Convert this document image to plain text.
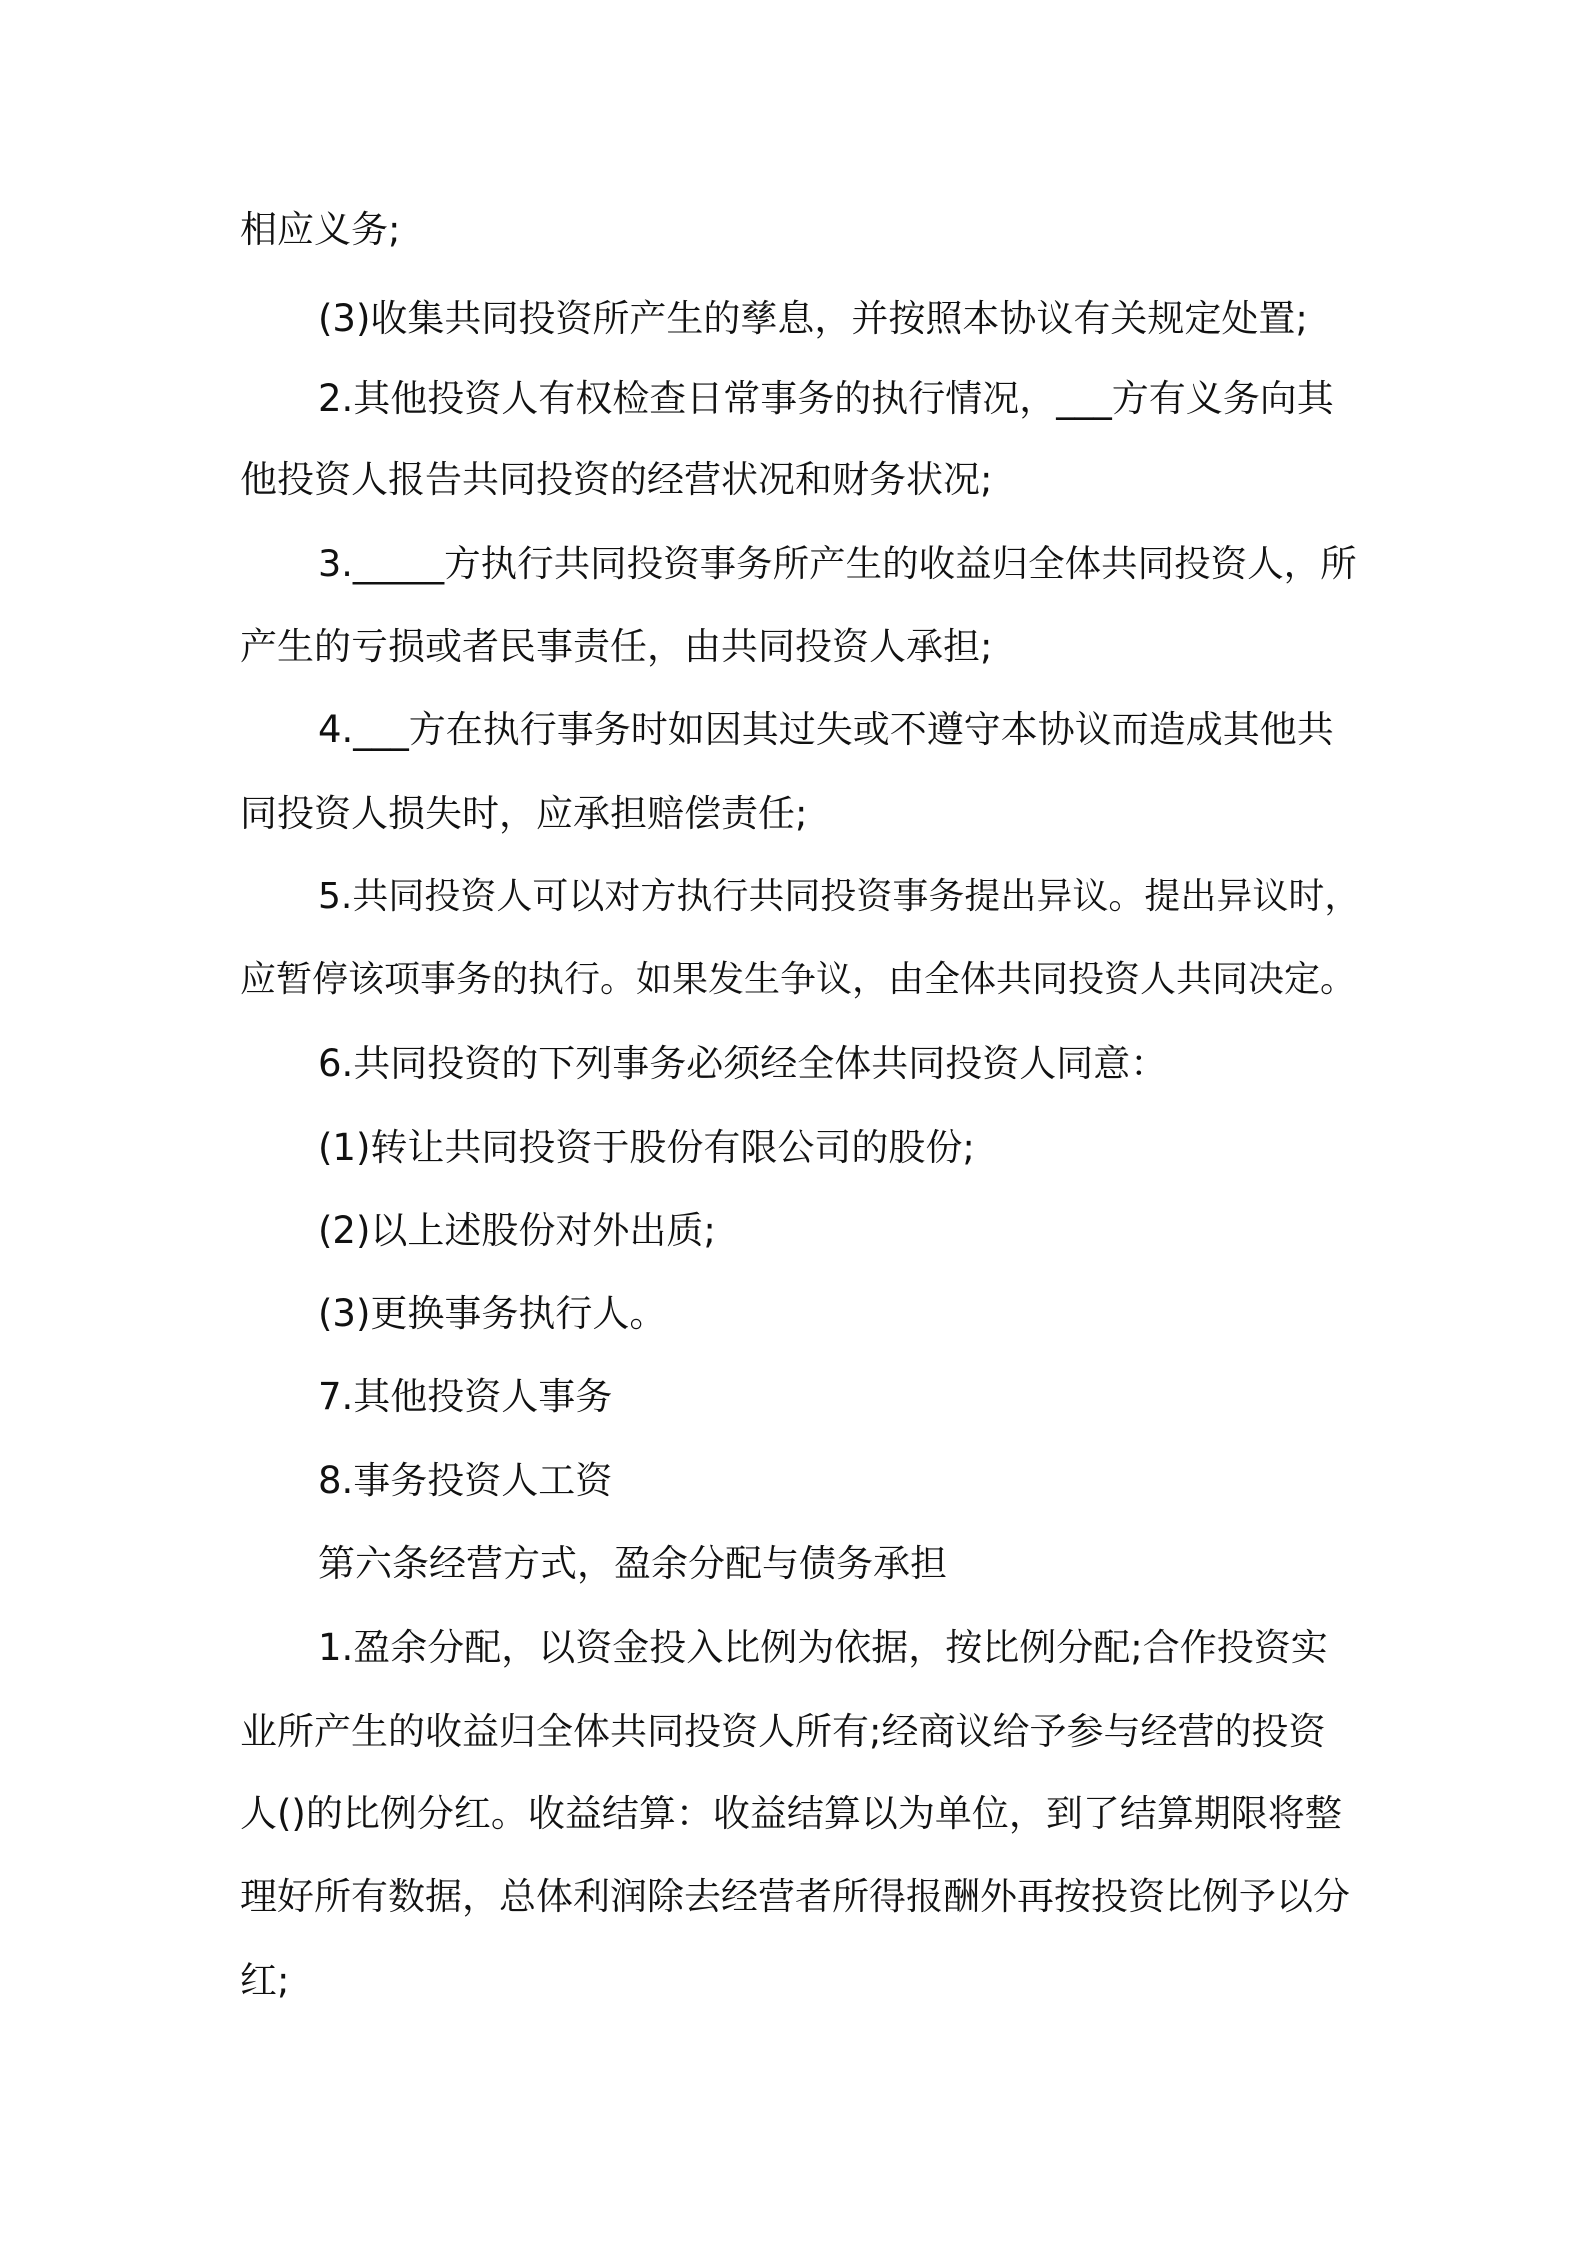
相应义务;
(3)收集共同投资所产生的孳息，并按照本协议有关规定处置;
2.其他投资人有权检查日常事务的执行情况，___方有义务向其
他投资人报告共同投资的经营状况和财务状况;
3._____方执行共同投资事务所产生的收益归全体共同投资人，所
产生的亏损或者民事责任，由共同投资人承担;
4.___方在执行事务时如因其过失或不遵守本协议而造成其他共
同投资人损失时，应承担赔偿责任;
5.共同投资人可以对方执行共同投资事务提出异议。提出异议时，
应暂停该项事务的执行。如果发生争议，由全体共同投资人共同决定。
6.共同投资的下列事务必须经全体共同投资人同意：
(1)转让共同投资于股份有限公司的股份;
(2)以上述股份对外出质;
(3)更换事务执行人。
7.其他投资人事务
8.事务投资人工资
第六条经营方式，盈余分配与债务承担
1.盈余分配，以资金投入比例为依据，按比例分配;合作投资实
业所产生的收益归全体共同投资人所有;经商议给予参与经营的投资
人()的比例分红。收益结算：收益结算以为单位，到了结算期限将整
理好所有数据，总体利润除去经营者所得报酬外再按投资比例予以分
红;
